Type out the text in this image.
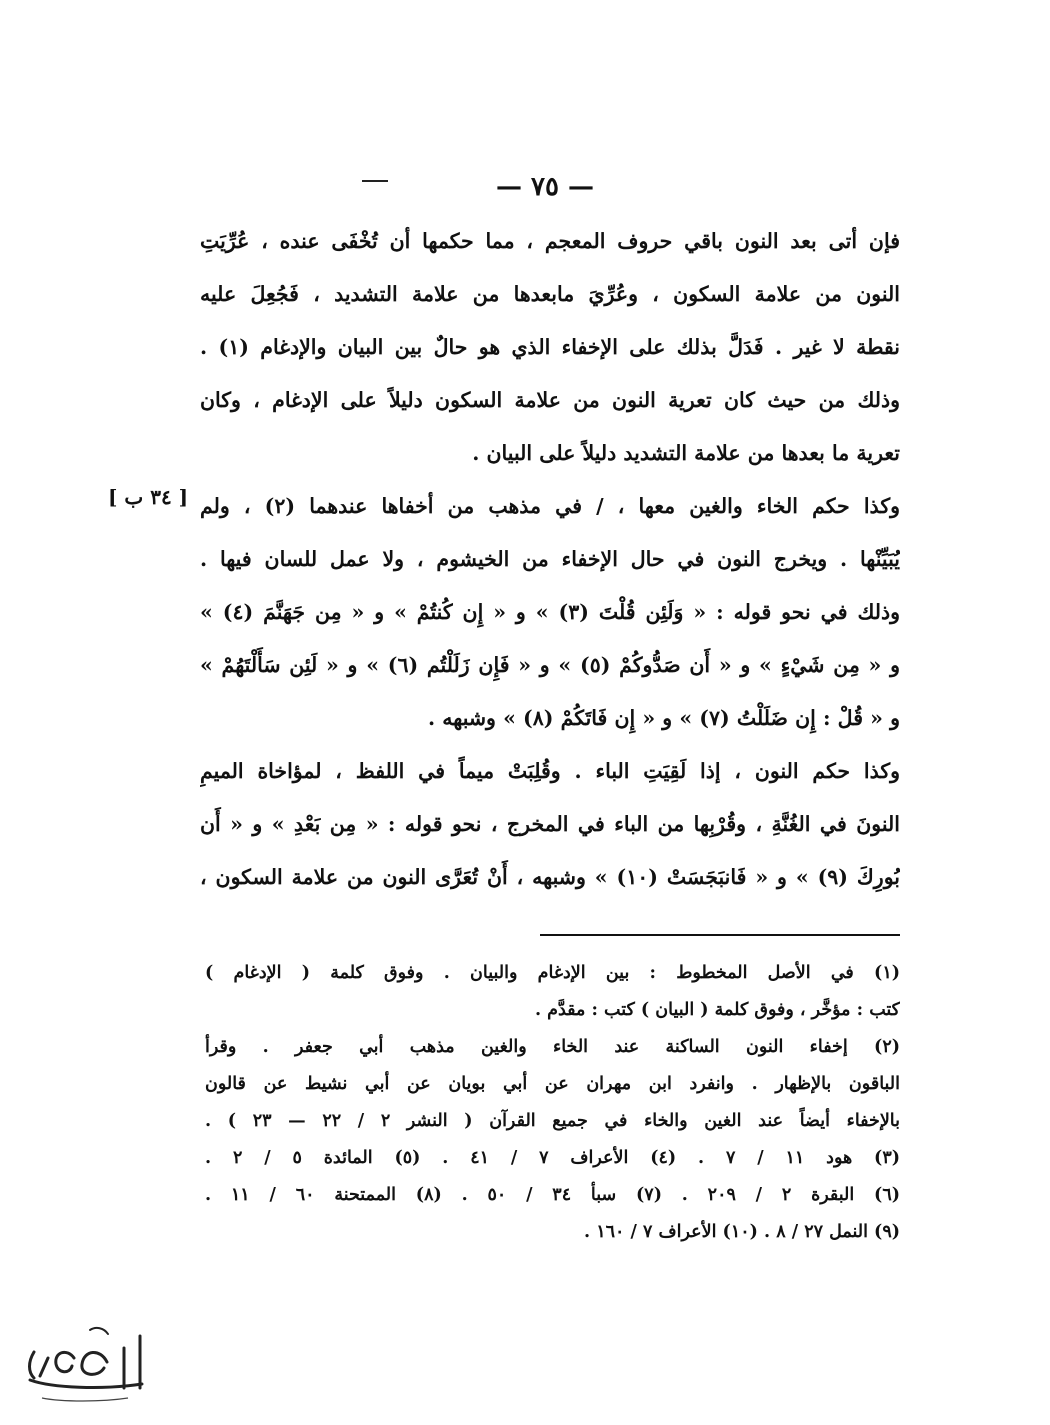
— ٧٥ —
[ ٣٤ ب ]
فإن أتى بعد النون باقي حروف المعجم ، مما حكمها أن تُخْفَى عنده ، عُرِّيَتِ
النون من علامة السكون ، وعُرِّيَ مابعدها من علامة التشديد ، فَجُعِلَ عليه
نقطة لا غير . فَدَلَّ بذلك على الإخفاء الذي هو حالٌ بين البيان والإدغام (١) .
وذلك من حيث كان تعرية النون من علامة السكون دليلاً على الإدغام ، وكان
تعرية ما بعدها من علامة التشديد دليلاً على البيان .
وكذا حكم الخاء والغين معها ، / في مذهب من أخفاها عندهما (٢) ، ولم
يُبَيِّنْها . ويخرج النون في حال الإخفاء من الخيشوم ، ولا عمل للسان فيها .
وذلك في نحو قوله : « وَلَئِن قُلْتَ (٣) » و « إِن كُنتُمْ » و « مِن جَهَنَّمَ (٤) »
و « مِن شَيْءٍ » و « أَن صَدُّوكُمْ (٥) » و « فَإِن زَلَلْتُم (٦) » و « لَئِن سَأَلْتَهُمْ »
و « قُلْ : إِن ضَلَلْتُ (٧) » و « إِن فَاتَكُمْ (٨) » وشبهه .
وكذا حكم النون ، إذا لَقِيَتِ الباء . وقُلِبَتْ ميماً في اللفظ ، لمؤاخاة الميمِ
النونَ في الغُنَّةِ ، وقُرْبِها من الباء في المخرج ، نحو قوله : « مِن بَعْدِ » و « أَن
بُورِكَ (٩) » و « فَانبَجَسَتْ (١٠) » وشبهه ، أَنْ تُعَرَّى النون من علامة السكون ،
(١) في الأصل المخطوط : بين الإدغام والبيان . وفوق كلمة ( الإدغام )
كتب : مؤخَّر ، وفوق كلمة ( البيان ) كتب : مقدَّم .
(٢) إخفاء النون الساكنة عند الخاء والغين مذهب أبي جعفر . وقرأ
الباقون بالإظهار . وانفرد ابن مهران عن أبي بويان عن أبي نشيط عن قالون
بالإخفاء أيضاً عند الغين والخاء في جميع القرآن ( النشر ٢ / ٢٢ — ٢٣ ) .
(٣) هود ١١ / ٧ . (٤) الأعراف ٧ / ٤١ . (٥) المائدة ٥ / ٢ .
(٦) البقرة ٢ / ٢٠٩ . (٧) سبأ ٣٤ / ٥٠ . (٨) الممتحنة ٦٠ / ١١ .
(٩) النمل ٢٧ / ٨ . (١٠) الأعراف ٧ / ١٦٠ .
